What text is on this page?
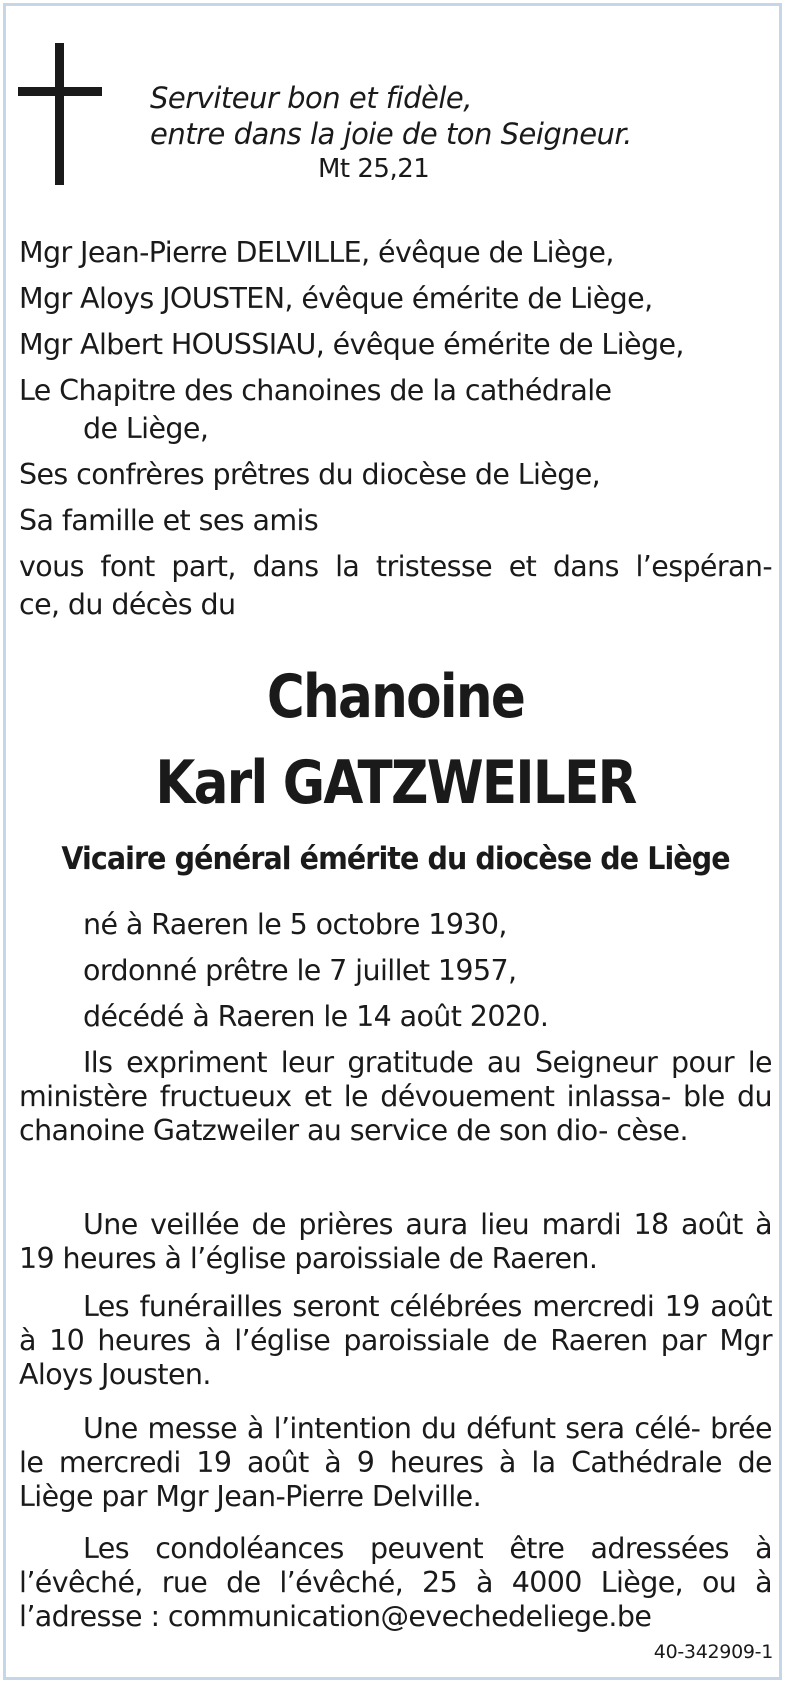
Serviteur bon et fidèle,
entre dans la joie de ton Seigneur.
Mt 25,21
Mgr Jean-Pierre DELVILLE, évêque de Liège,
Mgr Aloys JOUSTEN, évêque émérite de Liège,
Mgr Albert HOUSSIAU, évêque émérite de Liège,
Le Chapitre des chanoines de la cathédrale
de Liège,
Ses confrères prêtres du diocèse de Liège,
Sa famille et ses amis
vous font part, dans la tristesse et dans l’espéran-
ce, du décès du
Chanoine
Karl GATZWEILER
Vicaire général émérite du diocèse de Liège
né à Raeren le 5 octobre 1930,
ordonné prêtre le 7 juillet 1957,
décédé à Raeren le 14 août 2020.
Ils expriment leur gratitude au Seigneur pour le ministère fructueux et le dévouement inlassa- ble du chanoine Gatzweiler au service de son dio- cèse.
Une veillée de prières aura lieu mardi 18 août à 19 heures à l’église paroissiale de Raeren.
Les funérailles seront célébrées mercredi 19 août à 10 heures à l’église paroissiale de Raeren par Mgr Aloys Jousten.
Une messe à l’intention du défunt sera célé- brée le mercredi 19 août à 9 heures à la Cathédrale de Liège par Mgr Jean-Pierre Delville.
Les condoléances peuvent être adressées à l’évêché, rue de l’évêché, 25 à 4000 Liège, ou à l’adresse : communication@evechedeliege.be
40-342909-1
